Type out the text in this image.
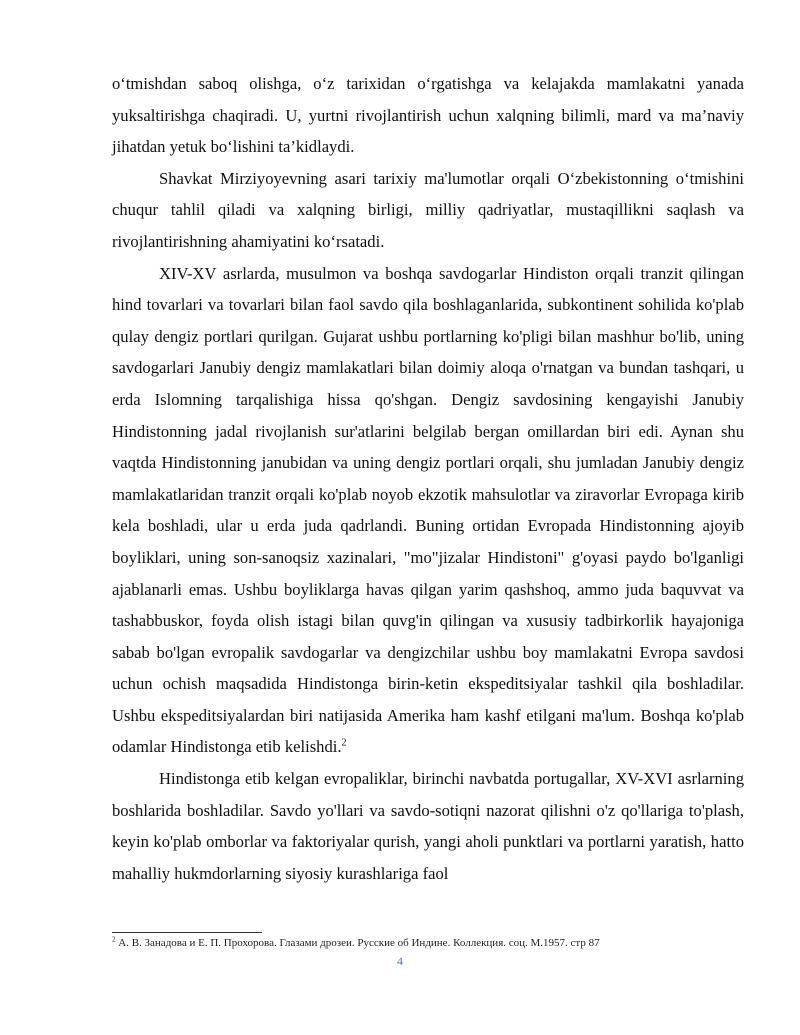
o‘tmishdan saboq olishga, o‘z tarixidan o‘rgatishga va kelajakda mamlakatni yanada yuksaltirishga chaqiradi. U, yurtni rivojlantirish uchun xalqning bilimli, mard va ma’naviy jihatdan yetuk bo‘lishini ta’kidlaydi.

Shavkat Mirziyoyevning asari tarixiy ma'lumotlar orqali O‘zbekistonning o‘tmishini chuqur tahlil qiladi va xalqning birligi, milliy qadriyatlar, mustaqillikni saqlash va rivojlantirishning ahamiyatini ko‘rsatadi.

XIV-XV asrlarda, musulmon va boshqa savdogarlar Hindiston orqali tranzit qilingan hind tovarlari va tovarlari bilan faol savdo qila boshlaganlarida, subkontinent sohilida ko'plab qulay dengiz portlari qurilgan. Gujarat ushbu portlarning ko'pligi bilan mashhur bo'lib, uning savdogarlari Janubiy dengiz mamlakatlari bilan doimiy aloqa o'rnatgan va bundan tashqari, u erda Islomning tarqalishiga hissa qo'shgan. Dengiz savdosining kengayishi Janubiy Hindistonning jadal rivojlanish sur'atlarini belgilab bergan omillardan biri edi. Aynan shu vaqtda Hindistonning janubidan va uning dengiz portlari orqali, shu jumladan Janubiy dengiz mamlakatlaridan tranzit orqali ko'plab noyob ekzotik mahsulotlar va ziravorlar Evropaga kirib kela boshladi, ular u erda juda qadrlandi. Buning ortidan Evropada Hindistonning ajoyib boyliklari, uning son-sanoqsiz xazinalari, "mo"jizalar Hindistoni" g'oyasi paydo bo'lganligi ajablanarli emas. Ushbu boyliklarga havas qilgan yarim qashshoq, ammo juda baquvvat va tashabbuskor, foyda olish istagi bilan quvg'in qilingan va xususiy tadbirkorlik hayajoniga sabab bo'lgan evropalik savdogarlar va dengizchilar ushbu boy mamlakatni Evropa savdosi uchun ochish maqsadida Hindistonga birin-ketin ekspeditsiyalar tashkil qila boshladilar. Ushbu ekspeditsiyalardan biri natijasida Amerika ham kashf etilgani ma'lum. Boshqa ko'plab odamlar Hindistonga etib kelishdi.$^2$

Hindistonga etib kelgan evropaliklar, birinchi navbatda portugallar, XV-XVI asrlarning boshlarida boshladilar. Savdo yo'llari va savdo-sotiqni nazorat qilishni o'z qo'llariga to'plash, keyin ko'plab omborlar va faktoriyalar qurish, yangi aholi punktlari va portlarni yaratish, hatto mahalliy hukmdorlarning siyosiy kurashlariga faol

$^2$ А. В. Занадова и Е. П. Прохорова. Глазами дрозеи. Русские об Индине. Коллекция. соц. М.1957. стр 87
4
